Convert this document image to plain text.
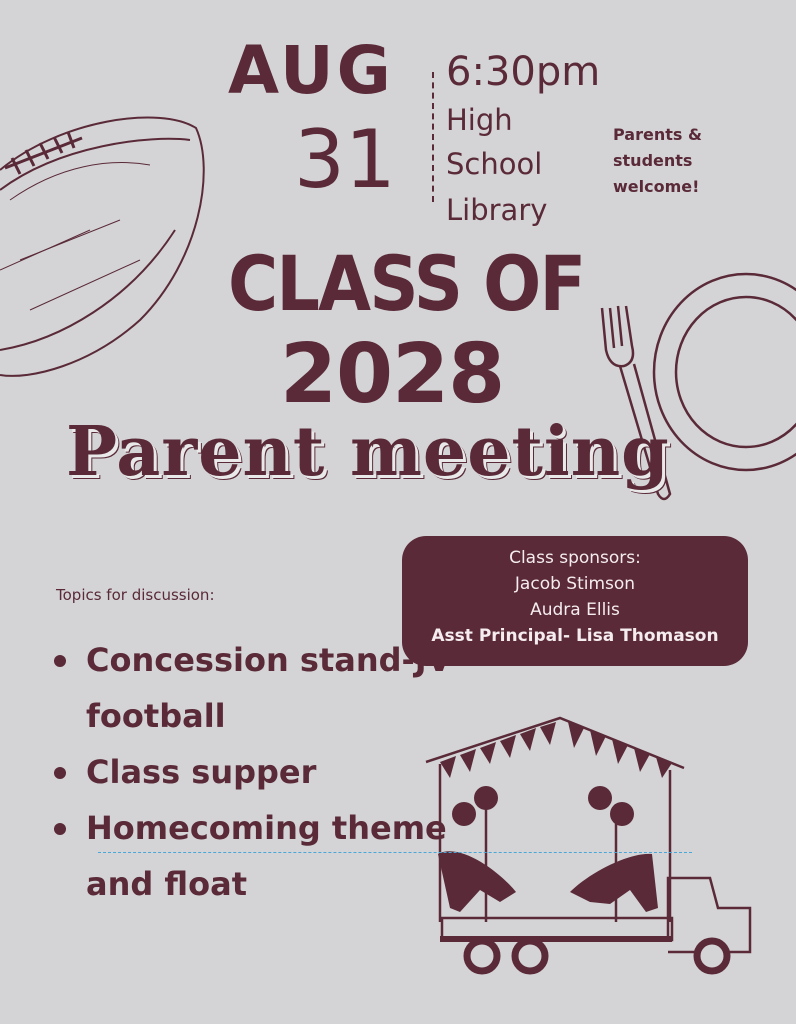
AUG
31
6:30pm
High
School
Library
Parents & students welcome!
CLASS OF
2028
Parent meeting
Class sponsors:
Jacob Stimson
Audra Ellis
Asst Principal- Lisa Thomason
Topics for discussion:
Concession stand-JV football
Class supper
Homecoming theme and float
